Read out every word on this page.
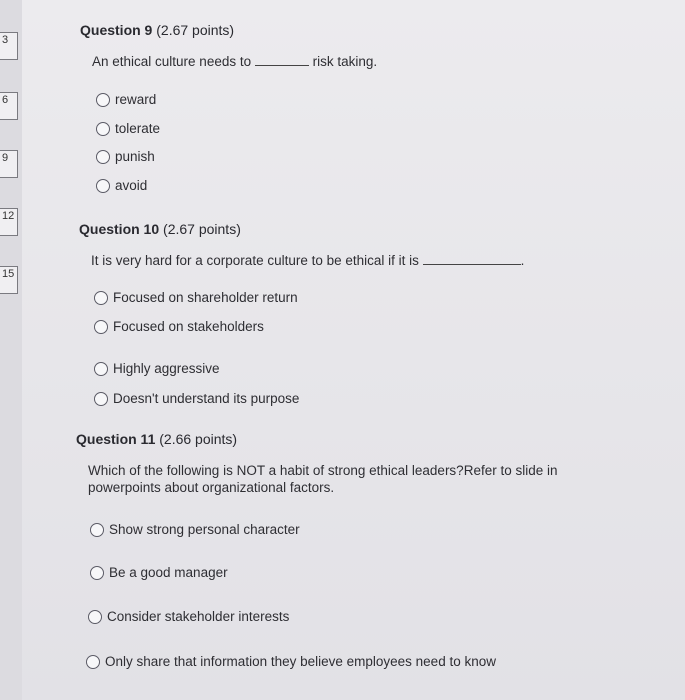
3
6
9
12
15
Question 9 (2.67 points)
An ethical culture needs to	risk taking.
reward
tolerate
punish
avoid
Question 10 (2.67 points)
It is very hard for a corporate culture to be ethical if it is	.
Focused on shareholder return
Focused on stakeholders
Highly aggressive
Doesn't understand its purpose
Question 11 (2.66 points)
Which of the following is NOT a habit of strong ethical leaders?Refer to slide in
powerpoints about organizational factors.
Show strong personal character
Be a good manager
Consider stakeholder interests
Only share that information they believe employees need to know
